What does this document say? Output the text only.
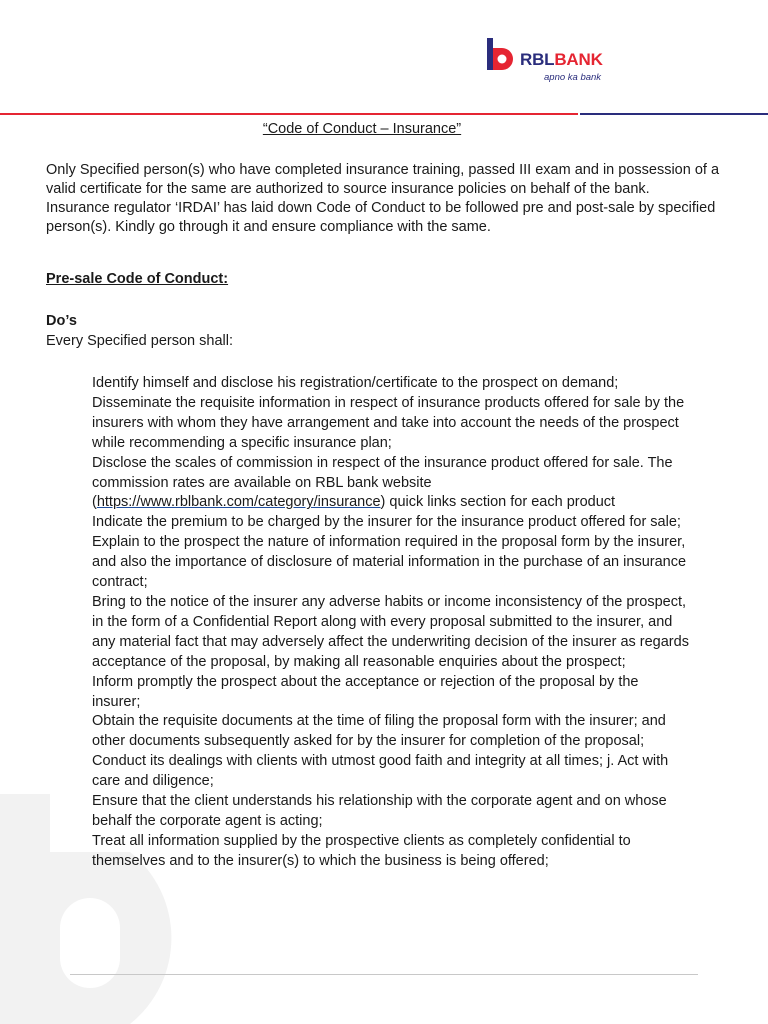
RBLBANK
apno ka bank
“Code of Conduct – Insurance”

Only Specified person(s) who have completed insurance training, passed III exam and in possession of a valid certificate for the same are authorized to source insurance policies on behalf of the bank.

Insurance regulator ‘IRDAI’ has laid down Code of Conduct to be followed pre and post-sale by specified person(s). Kindly go through it and ensure compliance with the same.

Pre-sale Code of Conduct:
Do’s
Every Specified person shall:
Identify himself and disclose his registration/certificate to the prospect on demand;
Disseminate the requisite information in respect of insurance products offered for sale by the insurers with whom they have arrangement and take into account the needs of the prospect while recommending a specific insurance plan;
Disclose the scales of commission in respect of the insurance product offered for sale. The commission rates are available on RBL bank website (https://www.rblbank.com/category/insurance) quick links section for each product
Indicate the premium to be charged by the insurer for the insurance product offered for sale;
Explain to the prospect the nature of information required in the proposal form by the insurer, and also the importance of disclosure of material information in the purchase of an insurance contract;
Bring to the notice of the insurer any adverse habits or income inconsistency of the prospect, in the form of a Confidential Report along with every proposal submitted to the insurer, and any material fact that may adversely affect the underwriting decision of the insurer as regards acceptance of the proposal, by making all reasonable enquiries about the prospect;
Inform promptly the prospect about the acceptance or rejection of the proposal by the insurer;
Obtain the requisite documents at the time of filing the proposal form with the insurer; and other documents subsequently asked for by the insurer for completion of the proposal;
Conduct its dealings with clients with utmost good faith and integrity at all times; j. Act with care and diligence;
Ensure that the client understands his relationship with the corporate agent and on whose behalf the corporate agent is acting;
Treat all information supplied by the prospective clients as completely confidential to themselves and to the insurer(s) to which the business is being offered;
